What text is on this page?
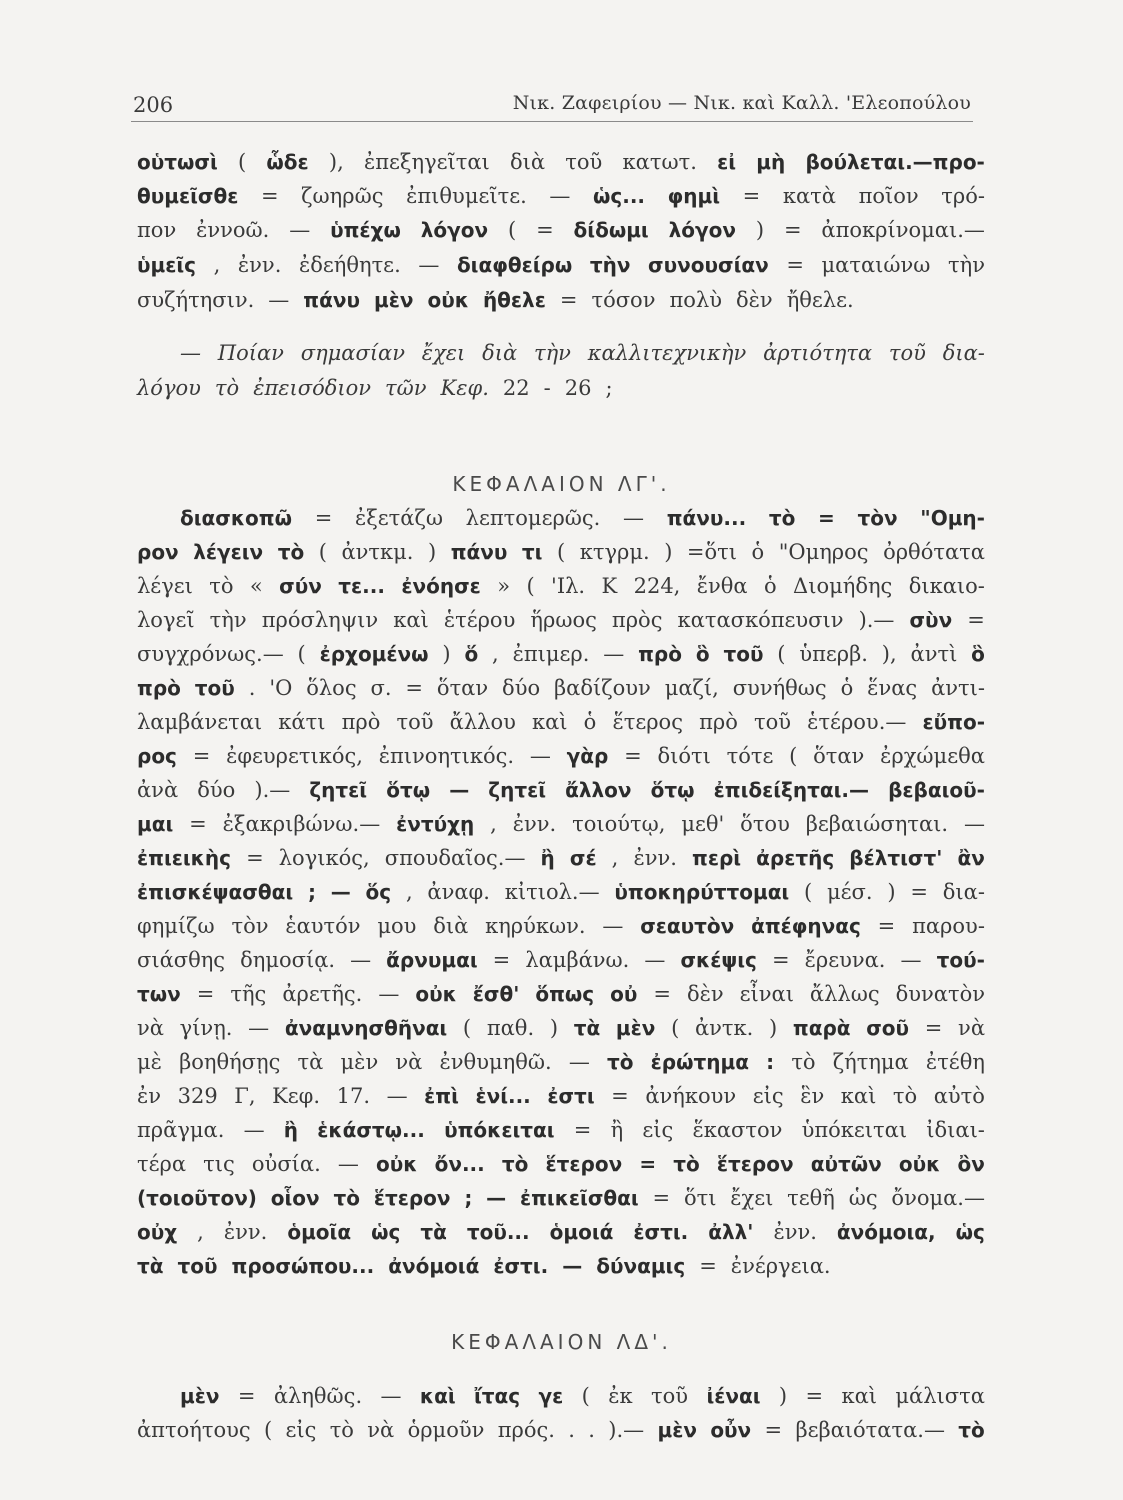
206	Νικ. Ζαφειρίου — Νικ. καὶ Καλλ. 'Ελεοπούλου
οὑτωσὶ ( ὧδε ), ἐπεξηγεῖται διὰ τοῦ κατωτ. εἰ μὴ βούλεται.—προ-
θυμεῖσθε = ζωηρῶς ἐπιθυμεῖτε. — ὡς... φημὶ = κατὰ ποῖον τρό-
πον ἐννοῶ. — ὑπέχω λόγον ( = δίδωμι λόγον ) = ἀποκρίνομαι.—
ὑμεῖς , ἐνν. ἐδεήθητε. — διαφθείρω τὴν συνουσίαν = ματαιώνω τὴν
συζήτησιν. — πάνυ μὲν οὐκ ἤθελε = τόσον πολὺ δὲν ἤθελε.
— Ποίαν σημασίαν ἔχει διὰ τὴν καλλιτεχνικὴν ἀρτιότητα τοῦ δια-
λόγου τὸ ἐπεισόδιον τῶν Κεφ. 22 - 26 ;
διασκοπῶ = ἐξετάζω λεπτομερῶς. — πάνυ... τὸ = τὸν "Ομη-
ρον λέγειν τὸ ( ἀντκμ. ) πάνυ τι ( κτγρμ. ) =ὅτι ὁ "Ομηρος ὀρθότατα
λέγει τὸ « σύν τε... ἐνόησε » ( 'Ιλ. Κ 224, ἔνθα ὁ Διομήδης δικαιο-
λογεῖ τὴν πρόσληψιν καὶ ἑτέρου ἥρωος πρὸς κατασκόπευσιν ).— σὺν =
συγχρόνως.— ( ἐρχομένω ) ὅ , ἐπιμερ. — πρὸ ὃ τοῦ ( ὑπερβ. ), ἀντὶ ὃ
πρὸ τοῦ . 'Ο ὅλος σ. = ὅταν δύο βαδίζουν μαζί, συνήθως ὁ ἕνας ἀντι-
λαμβάνεται κάτι πρὸ τοῦ ἄλλου καὶ ὁ ἕτερος πρὸ τοῦ ἑτέρου.— εὔπο-
ρος = ἐφευρετικός, ἐπινοητικός. — γὰρ = διότι τότε ( ὅταν ἐρχώμεθα
ἀνὰ δύο ).— ζητεῖ ὅτῳ — ζητεῖ ἄλλον ὅτῳ ἐπιδείξηται.— βεβαιοῦ-
μαι = ἐξακριβώνω.— ἐντύχῃ , ἐνν. τοιούτῳ, μεθ' ὅτου βεβαιώσηται. —
ἐπιεικὴς = λογικός, σπουδαῖος.— ἢ σέ , ἐνν. περὶ ἀρετῆς βέλτιστ' ἂν
ἐπισκέψασθαι ; — ὅς , ἀναφ. κἰτιολ.— ὑποκηρύττομαι ( μέσ. ) = δια-
φημίζω τὸν ἑαυτόν μου διὰ κηρύκων. — σεαυτὸν ἀπέφηνας = παρου-
σιάσθης δημοσίᾳ. — ἄρνυμαι = λαμβάνω. — σκέψις = ἔρευνα. — τού-
των = τῆς ἀρετῆς. — οὐκ ἔσθ' ὅπως οὐ = δὲν εἶναι ἄλλως δυνατὸν
νὰ γίνῃ. — ἀναμνησθῆναι ( παθ. ) τὰ μὲν ( ἀντκ. ) παρὰ σοῦ = νὰ
μὲ βοηθήσῃς τὰ μὲν νὰ ἐνθυμηθῶ. — τὸ ἐρώτημα : τὸ ζήτημα ἐτέθη
ἐν 329 Γ, Κεφ. 17. — ἐπὶ ἑνί... ἐστι = ἀνήκουν εἰς ἓν καὶ τὸ αὐτὸ
πρᾶγμα. — ἢ ἑκάστῳ... ὑπόκειται = ἢ εἰς ἕκαστον ὑπόκειται ἰδιαι-
τέρα τις οὐσία. — οὐκ ὄν... τὸ ἕτερον = τὸ ἕτερον αὐτῶν οὐκ ὂν
(τοιοῦτον) οἷον τὸ ἕτερον ; — ἐπικεῖσθαι = ὅτι ἔχει τεθῆ ὡς ὄνομα.—
οὐχ , ἐνν. ὁμοῖα ὡς τὰ τοῦ... ὁμοιά ἐστι. ἀλλ' ἐνν. ἀνόμοια, ὡς
τὰ τοῦ προσώπου... ἀνόμοιά ἐστι. — δύναμις = ἐνέργεια.
μὲν = ἀληθῶς. — καὶ ἴτας γε ( ἐκ τοῦ ἰέναι ) = καὶ μάλιστα
ἀπτοήτους ( εἰς τὸ νὰ ὁρμοῦν πρός. . . ).— μὲν οὖν = βεβαιότατα.— τὸ
ΚΕΦΑΛΑΙΟΝ ΛΓ'.
ΚΕΦΑΛΑΙΟΝ ΛΔ'.
